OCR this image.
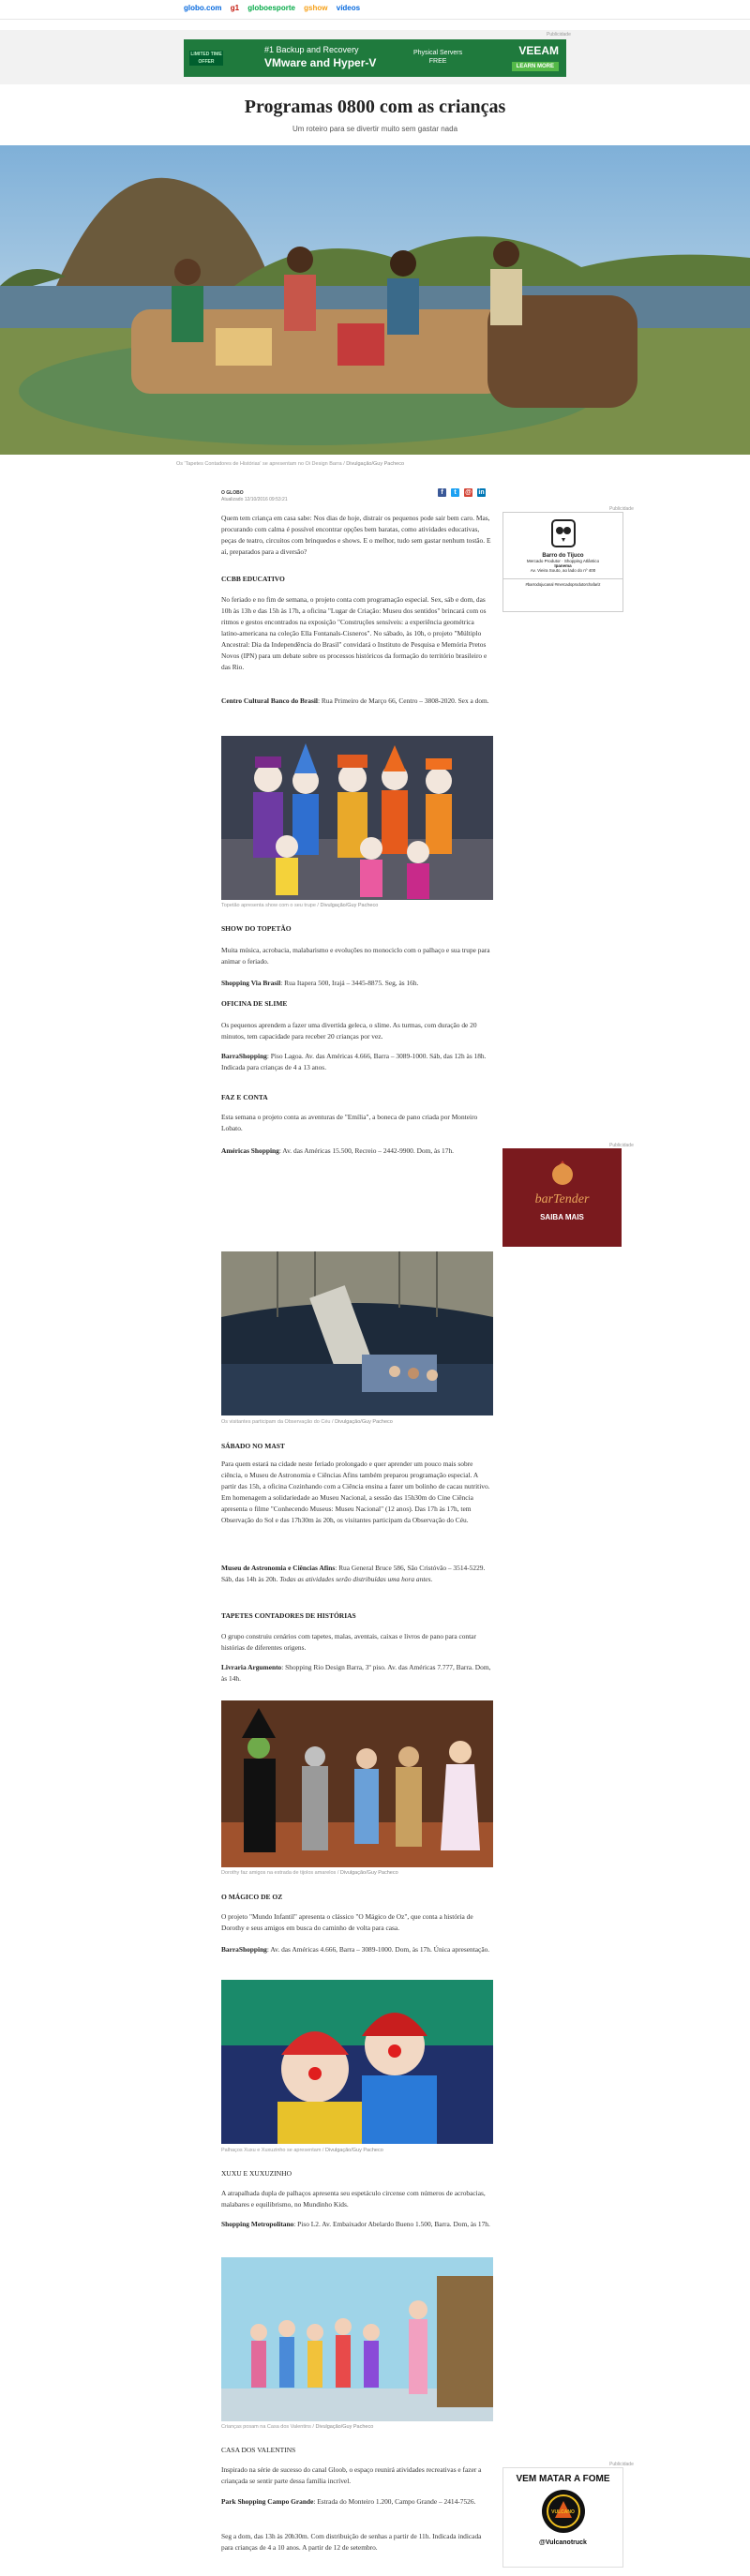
globo.com g1 globoesporte gshow vídeos
Publicidade
LIMITED TIME OFFER
#1 Backup and Recovery
VMware and Hyper-V
Physical Servers
FREE
VEEAM
LEARN MORE
Programas 0800 com as crianças
Um roteiro para se divertir muito sem gastar nada
Os 'Tapetes Contadores de Histórias' se apresentam no Oi Design Barra / Divulgação/Guy Pacheco
O GLOBO
Atualizado 12/10/2016 09:53:21
f	t	@ in
Publicidade
Barro do Tijuco
Mercado Produtor · Shopping Atlântico
Ipanema
Av. Vieira Souto, ao lado do nº 400
#barrodojucanal #mercadoprodutorchafariz

Quem tem criança em casa sabe: Nos dias de hoje, distrair os pequenos pode sair bem caro. Mas, procurando com calma é possível encontrar opções bem baratas, como atividades educativas, peças de teatro, circuitos com brinquedos e shows. E o melhor, tudo sem gastar nenhum tostão. E aí, preparados para a diversão?

CCBB EDUCATIVO

No feriado e no fim de semana, o projeto conta com programação especial. Sex, sáb e dom, das 10h às 13h e das 15h às 17h, a oficina "Lugar de Criação: Museu dos sentidos" brincará com os ritmos e gestos encontrados na exposição "Construções sensíveis: a experiência geométrica latino-americana na coleção Ella Fontanals-Cisneros". No sábado, às 10h, o projeto "Múltiplo Ancestral: Dia da Independência do Brasil" convidará o Instituto de Pesquisa e Memória Pretos Novos (IPN) para um debate sobre os processos históricos da formação do território brasileiro e das Rio.

Centro Cultural Banco do Brasil: Rua Primeiro de Março 66, Centro – 3808-2020. Sex a dom.

Topetão apresenta show com o seu trupe / Divulgação/Guy Pacheco
SHOW DO TOPETÃO

Muita música, acrobacia, malabarismo e evoluções no monociclo com o palhaço e sua trupe para animar o feriado.

Shopping Via Brasil: Rua Itapera 500, Irajá – 3445-8875. Seg, às 16h.

OFICINA DE SLIME

Os pequenos aprendem a fazer uma divertida geleca, o slime. As turmas, com duração de 20 minutos, tem capacidade para receber 20 crianças por vez.

BarraShopping: Piso Lagoa. Av. das Américas 4.666, Barra – 3089-1000. Sáb, das 12h às 18h. Indicada para crianças de 4 a 13 anos.

FAZ E CONTA

Esta semana o projeto conta as aventuras de "Emília", a boneca de pano criada por Monteiro Lobato.

Américas Shopping: Av. das Américas 15.500, Recreio – 2442-9900. Dom, às 17h.

Publicidade
barTender
SAIBA MAIS
Os visitantes participam da Observação do Céu / Divulgação/Guy Pacheco
SÁBADO NO MAST

Para quem estará na cidade neste feriado prolongado e quer aprender um pouco mais sobre ciência, o Museu de Astronomia e Ciências Afins também preparou programação especial. A partir das 15h, a oficina Cozinhando com a Ciência ensina a fazer um bolinho de cacau nutritivo. Em homenagem a solidariedade ao Museu Nacional, a sessão das 15h30m do Cine Ciência apresenta o filme "Conhecendo Museus: Museu Nacional" (12 anos). Das 17h às 17h, tem Observação do Sol e das 17h30m às 20h, os visitantes participam da Observação do Céu.

Museu de Astronomia e Ciências Afins: Rua General Bruce 586, São Cristóvão – 3514-5229. Sáb, das 14h às 20h. Todas as atividades serão distribuídas uma hora antes.

TAPETES CONTADORES DE HISTÓRIAS

O grupo construiu cenários com tapetes, malas, aventais, caixas e livros de pano para contar histórias de diferentes origens.

Livraria Argumento: Shopping Rio Design Barra, 3º piso. Av. das Américas 7.777, Barra. Dom, às 14h.

Dorothy faz amigos na estrada de tijolos amarelos / Divulgação/Guy Pacheco
O MÁGICO DE OZ

O projeto "Mundo Infantil" apresenta o clássico "O Mágico de Oz", que conta a história de Dorothy e seus amigos em busca do caminho de volta para casa.

BarraShopping: Av. das Américas 4.666, Barra – 3089-1000. Dom, às 17h. Única apresentação.

Palhaços Xuxu e Xuxuzinho se apresentam / Divulgação/Guy Pacheco
XUXU E XUXUZINHO

A atrapalhada dupla de palhaços apresenta seu espetáculo circense com números de acrobacias, malabares e equilibrismo, no Mundinho Kids.

Shopping Metropolitano: Piso L2. Av. Embaixador Abelardo Bueno 1.500, Barra. Dom, às 17h.

Crianças posam na Casa dos Valentins / Divulgação/Guy Pacheco
CASA DOS VALENTINS

Inspirado na série de sucesso do canal Gloob, o espaço reunirá atividades recreativas e fazer a criançada se sentir parte dessa família incrível.

Park Shopping Campo Grande: Estrada do Monteiro 1.200, Campo Grande – 2414-7526.

Seg a dom, das 13h às 20h30m. Com distribuição de senhas a partir de 11h. Indicada indicada para crianças de 4 a 10 anos. A partir de 12 de setembro.

Publicidade
VEM MATAR A FOME
VULCANO
@Vulcanotruck
